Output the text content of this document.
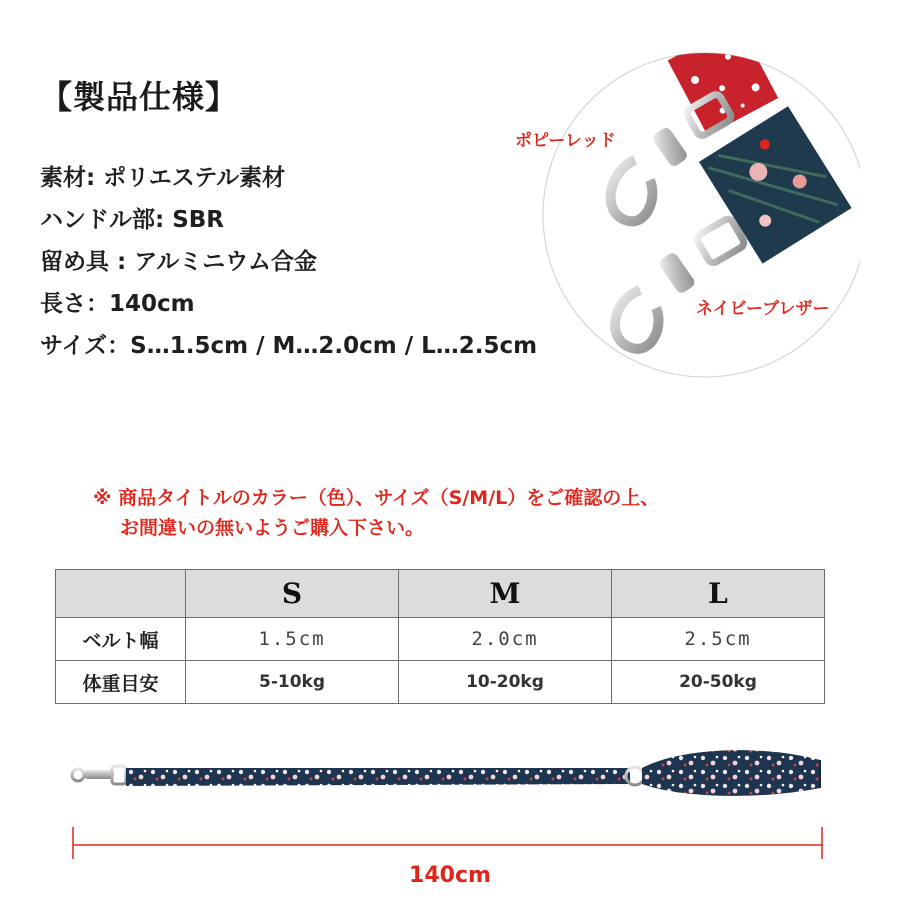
【製品仕様】
素材: ポリエステル素材
ハンドル部: SBR
留め具 : アルミニウム合金
長さ：140cm
サイズ：S…1.5cm / M…2.0cm / L…2.5cm
ポピーレッド
ネイビーブレザー
※ 商品タイトルのカラー（色）、サイズ（S/M/L）をご確認の上、
お間違いの無いようご購入下さい。
	S	M	L
ベルト幅	1.5cm	2.0cm	2.5cm
体重目安	5-10kg	10-20kg	20-50kg
140cm
